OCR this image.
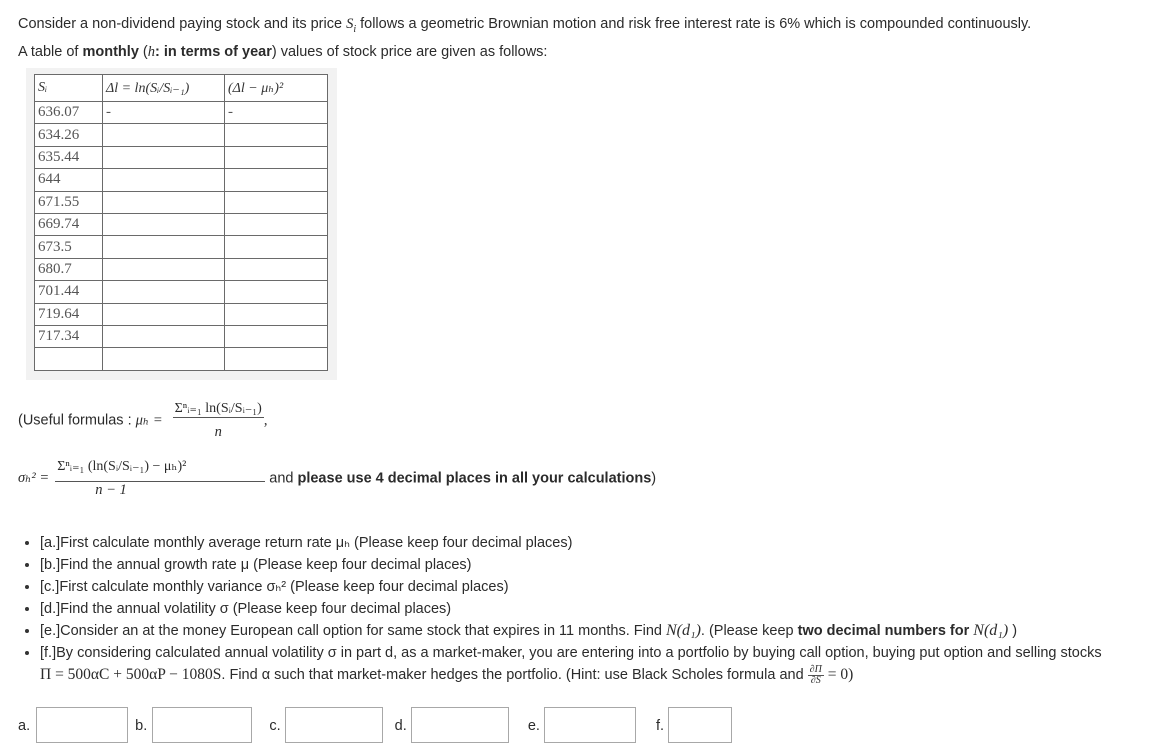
Consider a non-dividend paying stock and its price $S_i$ follows a geometric Brownian motion and risk free interest rate is 6% which is compounded continuously.

A table of monthly (h: in terms of year) values of stock price are given as follows:

Sᵢ	Δl = ln(Sᵢ/Sᵢ₋₁)	(Δl − μₕ)²
636.07	-	-
634.26		
635.44		
644		
671.55		
669.74		
673.5		
680.7		
701.44		
719.64		
717.34		

(Useful formulas : $\mu_h = \frac{\text{Σⁿᵢ₌₁ ln(Sᵢ/Sᵢ₋₁)}}{n}$ ,
$\sigma_h^2 = \frac{\text{Σⁿᵢ₌₁ (ln(Sᵢ/Sᵢ₋₁) − μₕ)²}}{n - 1}$ and please use 4 decimal places in all your calculations)
• [a.]First calculate monthly average return rate μₕ (Please keep four decimal places)
• [b.]Find the annual growth rate μ (Please keep four decimal places)
• [c.]First calculate monthly variance σₕ² (Please keep four decimal places)
• [d.]Find the annual volatility σ (Please keep four decimal places)
• [e.]Consider an at the money European call option for same stock that expires in 11 months. Find N(d₁). (Please keep two decimal numbers for N(d₁) )
• [f.]By considering calculated annual volatility σ in part d, as a market-maker, you are entering into a portfolio by buying call option, buying put option and selling stocks
Π = 500αC + 500αP − 1080S. Find α such that market-maker hedges the portfolio. (Hint: use Black Scholes formula and $\frac{\partial\Pi}{\partial S} = 0$)
a.	b.	c.	d.	e.	f.
